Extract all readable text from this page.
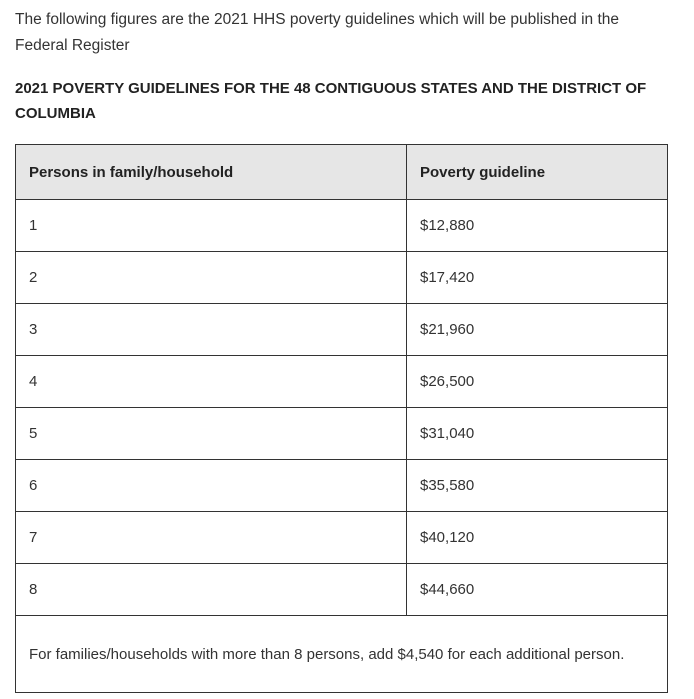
The following figures are the 2021 HHS poverty guidelines which will be published in the Federal Register

2021 POVERTY GUIDELINES FOR THE 48 CONTIGUOUS STATES AND THE DISTRICT OF COLUMBIA

Persons in family/household	Poverty guideline
1	$12,880
2	$17,420
3	$21,960
4	$26,500
5	$31,040
6	$35,580
7	$40,120
8	$44,660
For families/households with more than 8 persons, add $4,540 for each additional person.	
